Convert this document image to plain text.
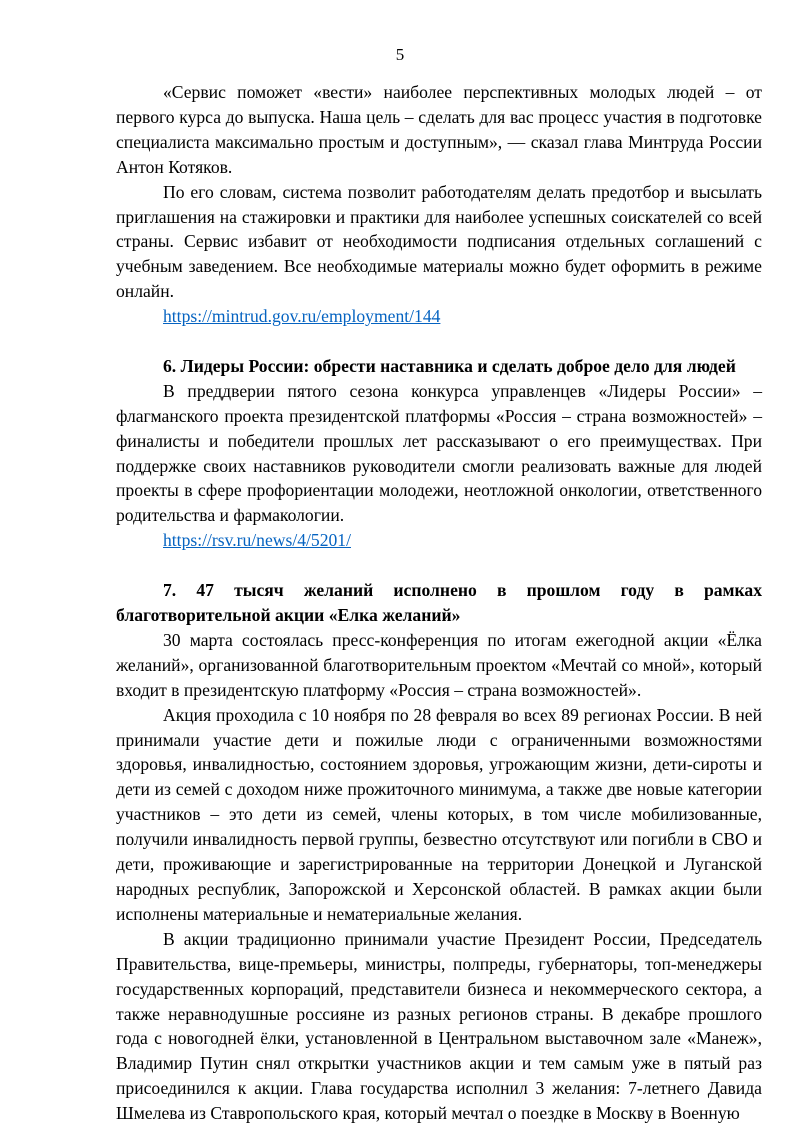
5

«Сервис поможет «вести» наиболее перспективных молодых людей – от первого курса до выпуска. Наша цель – сделать для вас процесс участия в подготовке специалиста максимально простым и доступным», — сказал глава Минтруда России Антон Котяков.

По его словам, система позволит работодателям делать предотбор и высылать приглашения на стажировки и практики для наиболее успешных соискателей со всей страны. Сервис избавит от необходимости подписания отдельных соглашений с учебным заведением. Все необходимые материалы можно будет оформить в режиме онлайн.

https://mintrud.gov.ru/employment/144

6. Лидеры России: обрести наставника и сделать доброе дело для людей

В преддверии пятого сезона конкурса управленцев «Лидеры России» – флагманского проекта президентской платформы «Россия – страна возможностей» – финалисты и победители прошлых лет рассказывают о его преимуществах. При поддержке своих наставников руководители смогли реализовать важные для людей проекты в сфере профориентации молодежи, неотложной онкологии, ответственного родительства и фармакологии.

https://rsv.ru/news/4/5201/

7. 47 тысяч желаний исполнено в прошлом году в рамках благотворительной акции «Елка желаний»

30 марта состоялась пресс-конференция по итогам ежегодной акции «Ёлка желаний», организованной благотворительным проектом «Мечтай со мной», который входит в президентскую платформу «Россия – страна возможностей».

Акция проходила с 10 ноября по 28 февраля во всех 89 регионах России. В ней принимали участие дети и пожилые люди с ограниченными возможностями здоровья, инвалидностью, состоянием здоровья, угрожающим жизни, дети-сироты и дети из семей с доходом ниже прожиточного минимума, а также две новые категории участников – это дети из семей, члены которых, в том числе мобилизованные, получили инвалидность первой группы, безвестно отсутствуют или погибли в СВО и дети, проживающие и зарегистрированные на территории Донецкой и Луганской народных республик, Запорожской и Херсонской областей. В рамках акции были исполнены материальные и нематериальные желания.

В акции традиционно принимали участие Президент России, Председатель Правительства, вице-премьеры, министры, полпреды, губернаторы, топ-менеджеры государственных корпораций, представители бизнеса и некоммерческого сектора, а также неравнодушные россияне из разных регионов страны. В декабре прошлого года с новогодней ёлки, установленной в Центральном выставочном зале «Манеж», Владимир Путин снял открытки участников акции и тем самым уже в пятый раз присоединился к акции. Глава государства исполнил 3 желания: 7-летнего Давида Шмелева из Ставропольского края, который мечтал о поездке в Москву в Военную
